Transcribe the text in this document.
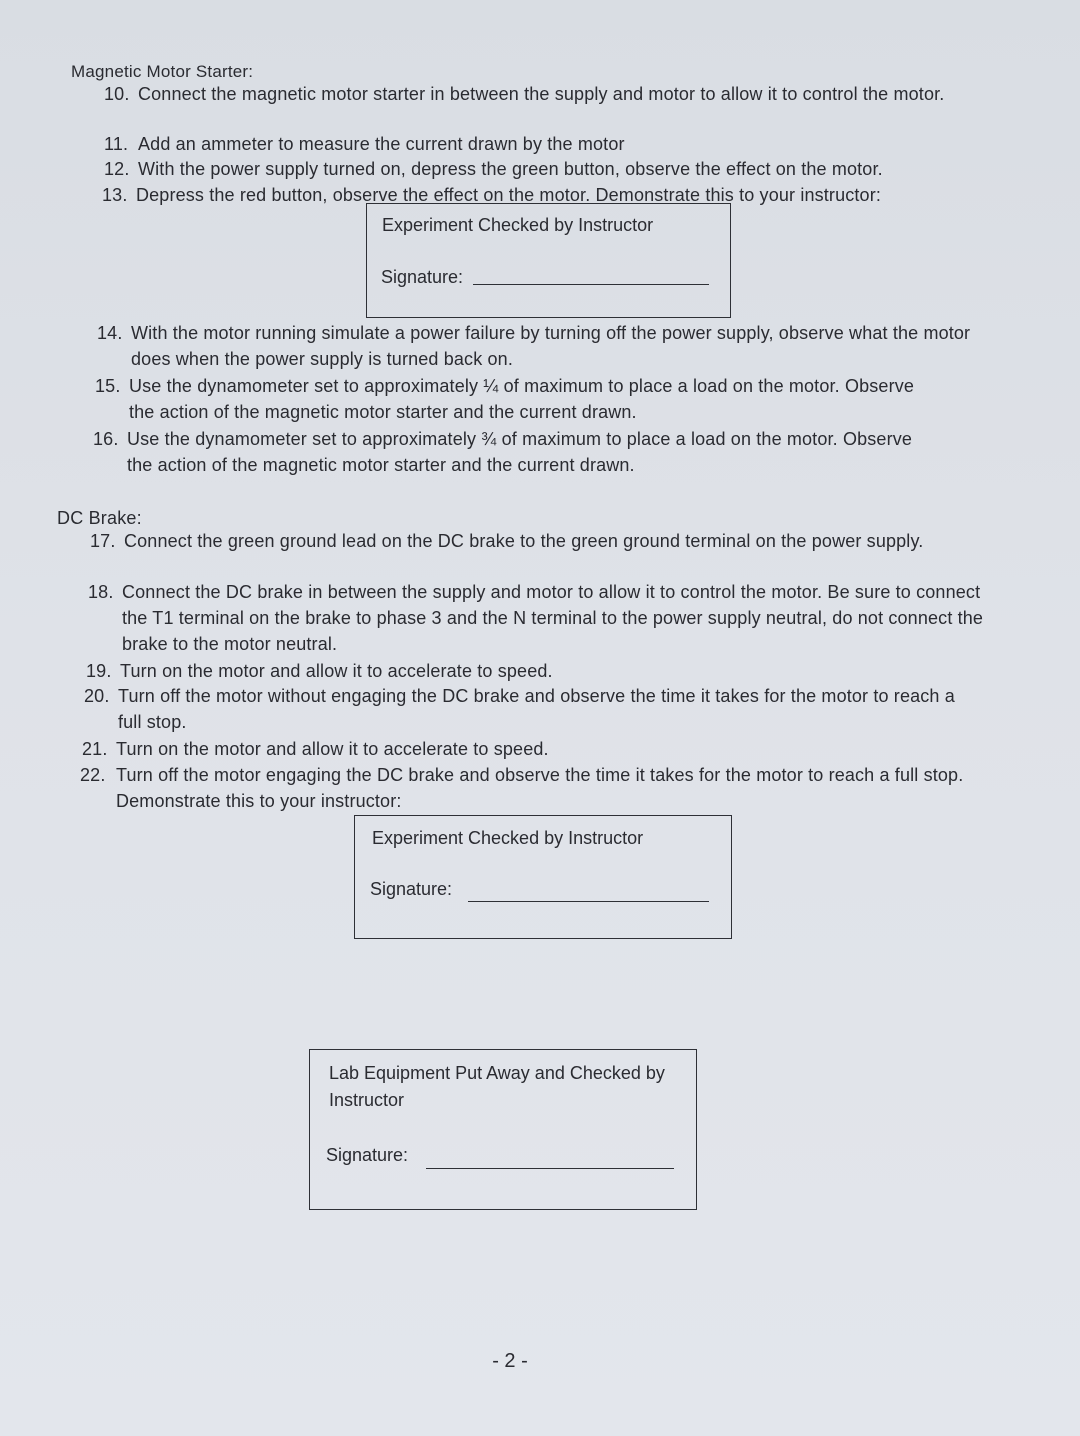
Magnetic Motor Starter:
10. Connect the magnetic motor starter in between the supply and motor to allow it to control the motor.
11. Add an ammeter to measure the current drawn by the motor
12. With the power supply turned on, depress the green button, observe the effect on the motor.
13. Depress the red button, observe the effect on the motor. Demonstrate this to your instructor:
Experiment Checked by Instructor
Signature:
14. With the motor running simulate a power failure by turning off the power supply, observe what the motor does when the power supply is turned back on.
15. Use the dynamometer set to approximately ¼ of maximum to place a load on the motor. Observe the action of the magnetic motor starter and the current drawn.
16. Use the dynamometer set to approximately ¾ of maximum to place a load on the motor. Observe the action of the magnetic motor starter and the current drawn.
DC Brake:
17. Connect the green ground lead on the DC brake to the green ground terminal on the power supply.
18. Connect the DC brake in between the supply and motor to allow it to control the motor. Be sure to connect the T1 terminal on the brake to phase 3 and the N terminal to the power supply neutral, do not connect the brake to the motor neutral.
19. Turn on the motor and allow it to accelerate to speed.
20. Turn off the motor without engaging the DC brake and observe the time it takes for the motor to reach a full stop.
21. Turn on the motor and allow it to accelerate to speed.
22. Turn off the motor engaging the DC brake and observe the time it takes for the motor to reach a full stop. Demonstrate this to your instructor:
Experiment Checked by Instructor
Signature:
Lab Equipment Put Away and Checked by Instructor
Signature:
- 2 -
